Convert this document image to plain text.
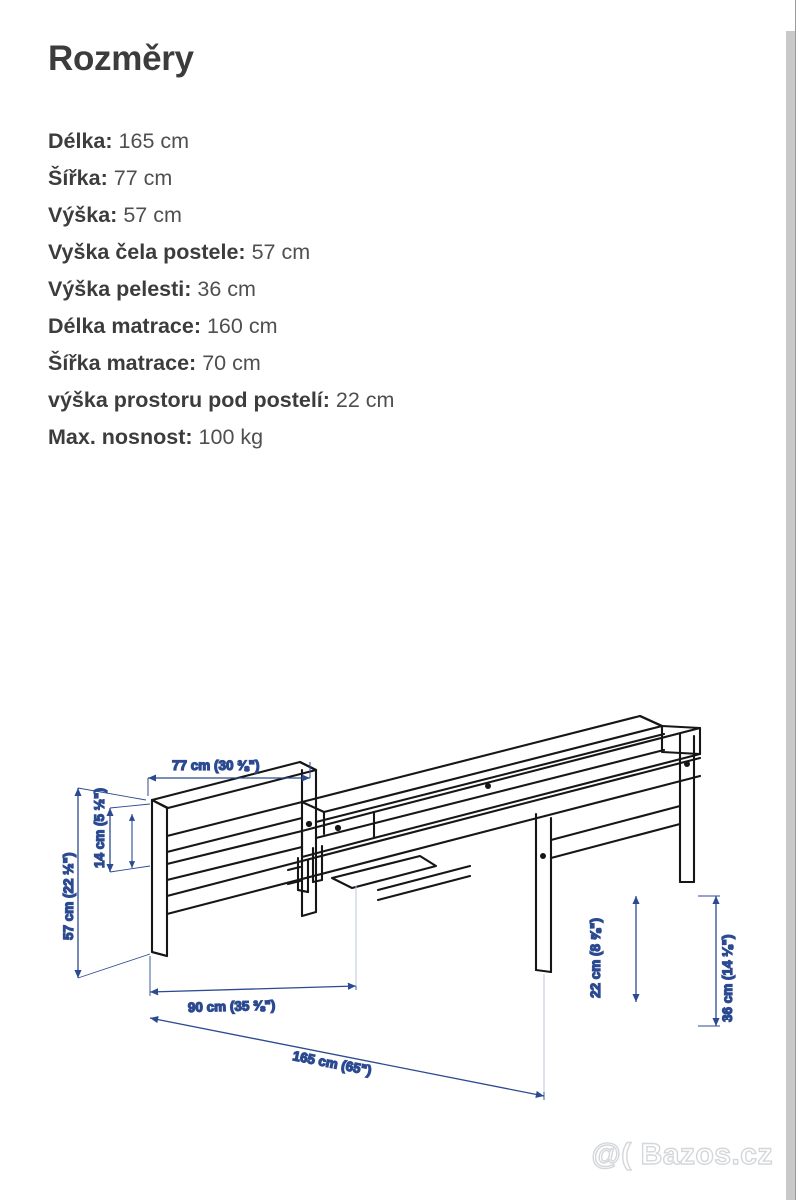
Rozměry
Délka: 165 cm
Šířka: 77 cm
Výška: 57 cm
Vyška čela postele: 57 cm
Výška pelesti: 36 cm
Délka matrace: 160 cm
Šířka matrace: 70 cm
výška prostoru pod postelí: 22 cm
Max. nosnost: 100 kg
77 cm (30 ⅜")
57 cm (22 ½")
14 cm (5 ½")
90 cm (35 ⅜")
165 cm (65")
22 cm (8 ⅝")	36 cm (14 ⅛")
@( Bazos.cz
